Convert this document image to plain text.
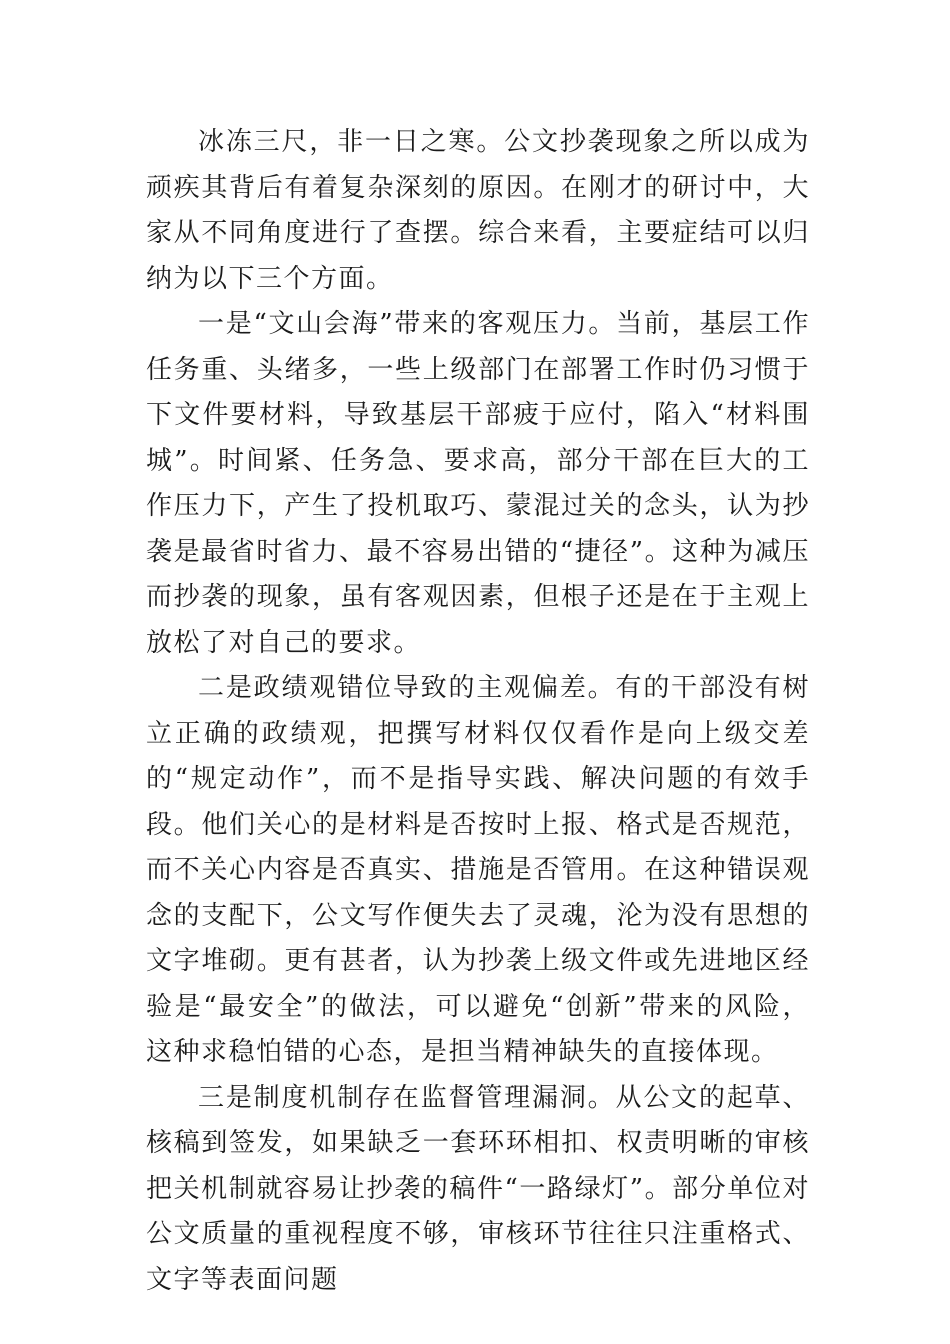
冰冻三尺，非一日之寒。公文抄袭现象之所以成为顽疾其背后有着复杂深刻的原因。在刚才的研讨中，大家从不同角度进行了查摆。综合来看，主要症结可以归纳为以下三个方面。

一是“文山会海”带来的客观压力。当前，基层工作任务重、头绪多，一些上级部门在部署工作时仍习惯于下文件要材料，导致基层干部疲于应付，陷入“材料围城”。时间紧、任务急、要求高，部分干部在巨大的工作压力下，产生了投机取巧、蒙混过关的念头，认为抄袭是最省时省力、最不容易出错的“捷径”。这种为减压而抄袭的现象，虽有客观因素，但根子还是在于主观上放松了对自己的要求。

二是政绩观错位导致的主观偏差。有的干部没有树立正确的政绩观，把撰写材料仅仅看作是向上级交差的“规定动作”，而不是指导实践、解决问题的有效手段。他们关心的是材料是否按时上报、格式是否规范，而不关心内容是否真实、措施是否管用。在这种错误观念的支配下，公文写作便失去了灵魂，沦为没有思想的文字堆砌。更有甚者，认为抄袭上级文件或先进地区经验是“最安全”的做法，可以避免“创新”带来的风险，这种求稳怕错的心态，是担当精神缺失的直接体现。

三是制度机制存在监督管理漏洞。从公文的起草、核稿到签发，如果缺乏一套环环相扣、权责明晰的审核把关机制就容易让抄袭的稿件“一路绿灯”。部分单位对公文质量的重视程度不够，审核环节往往只注重格式、文字等表面问题
